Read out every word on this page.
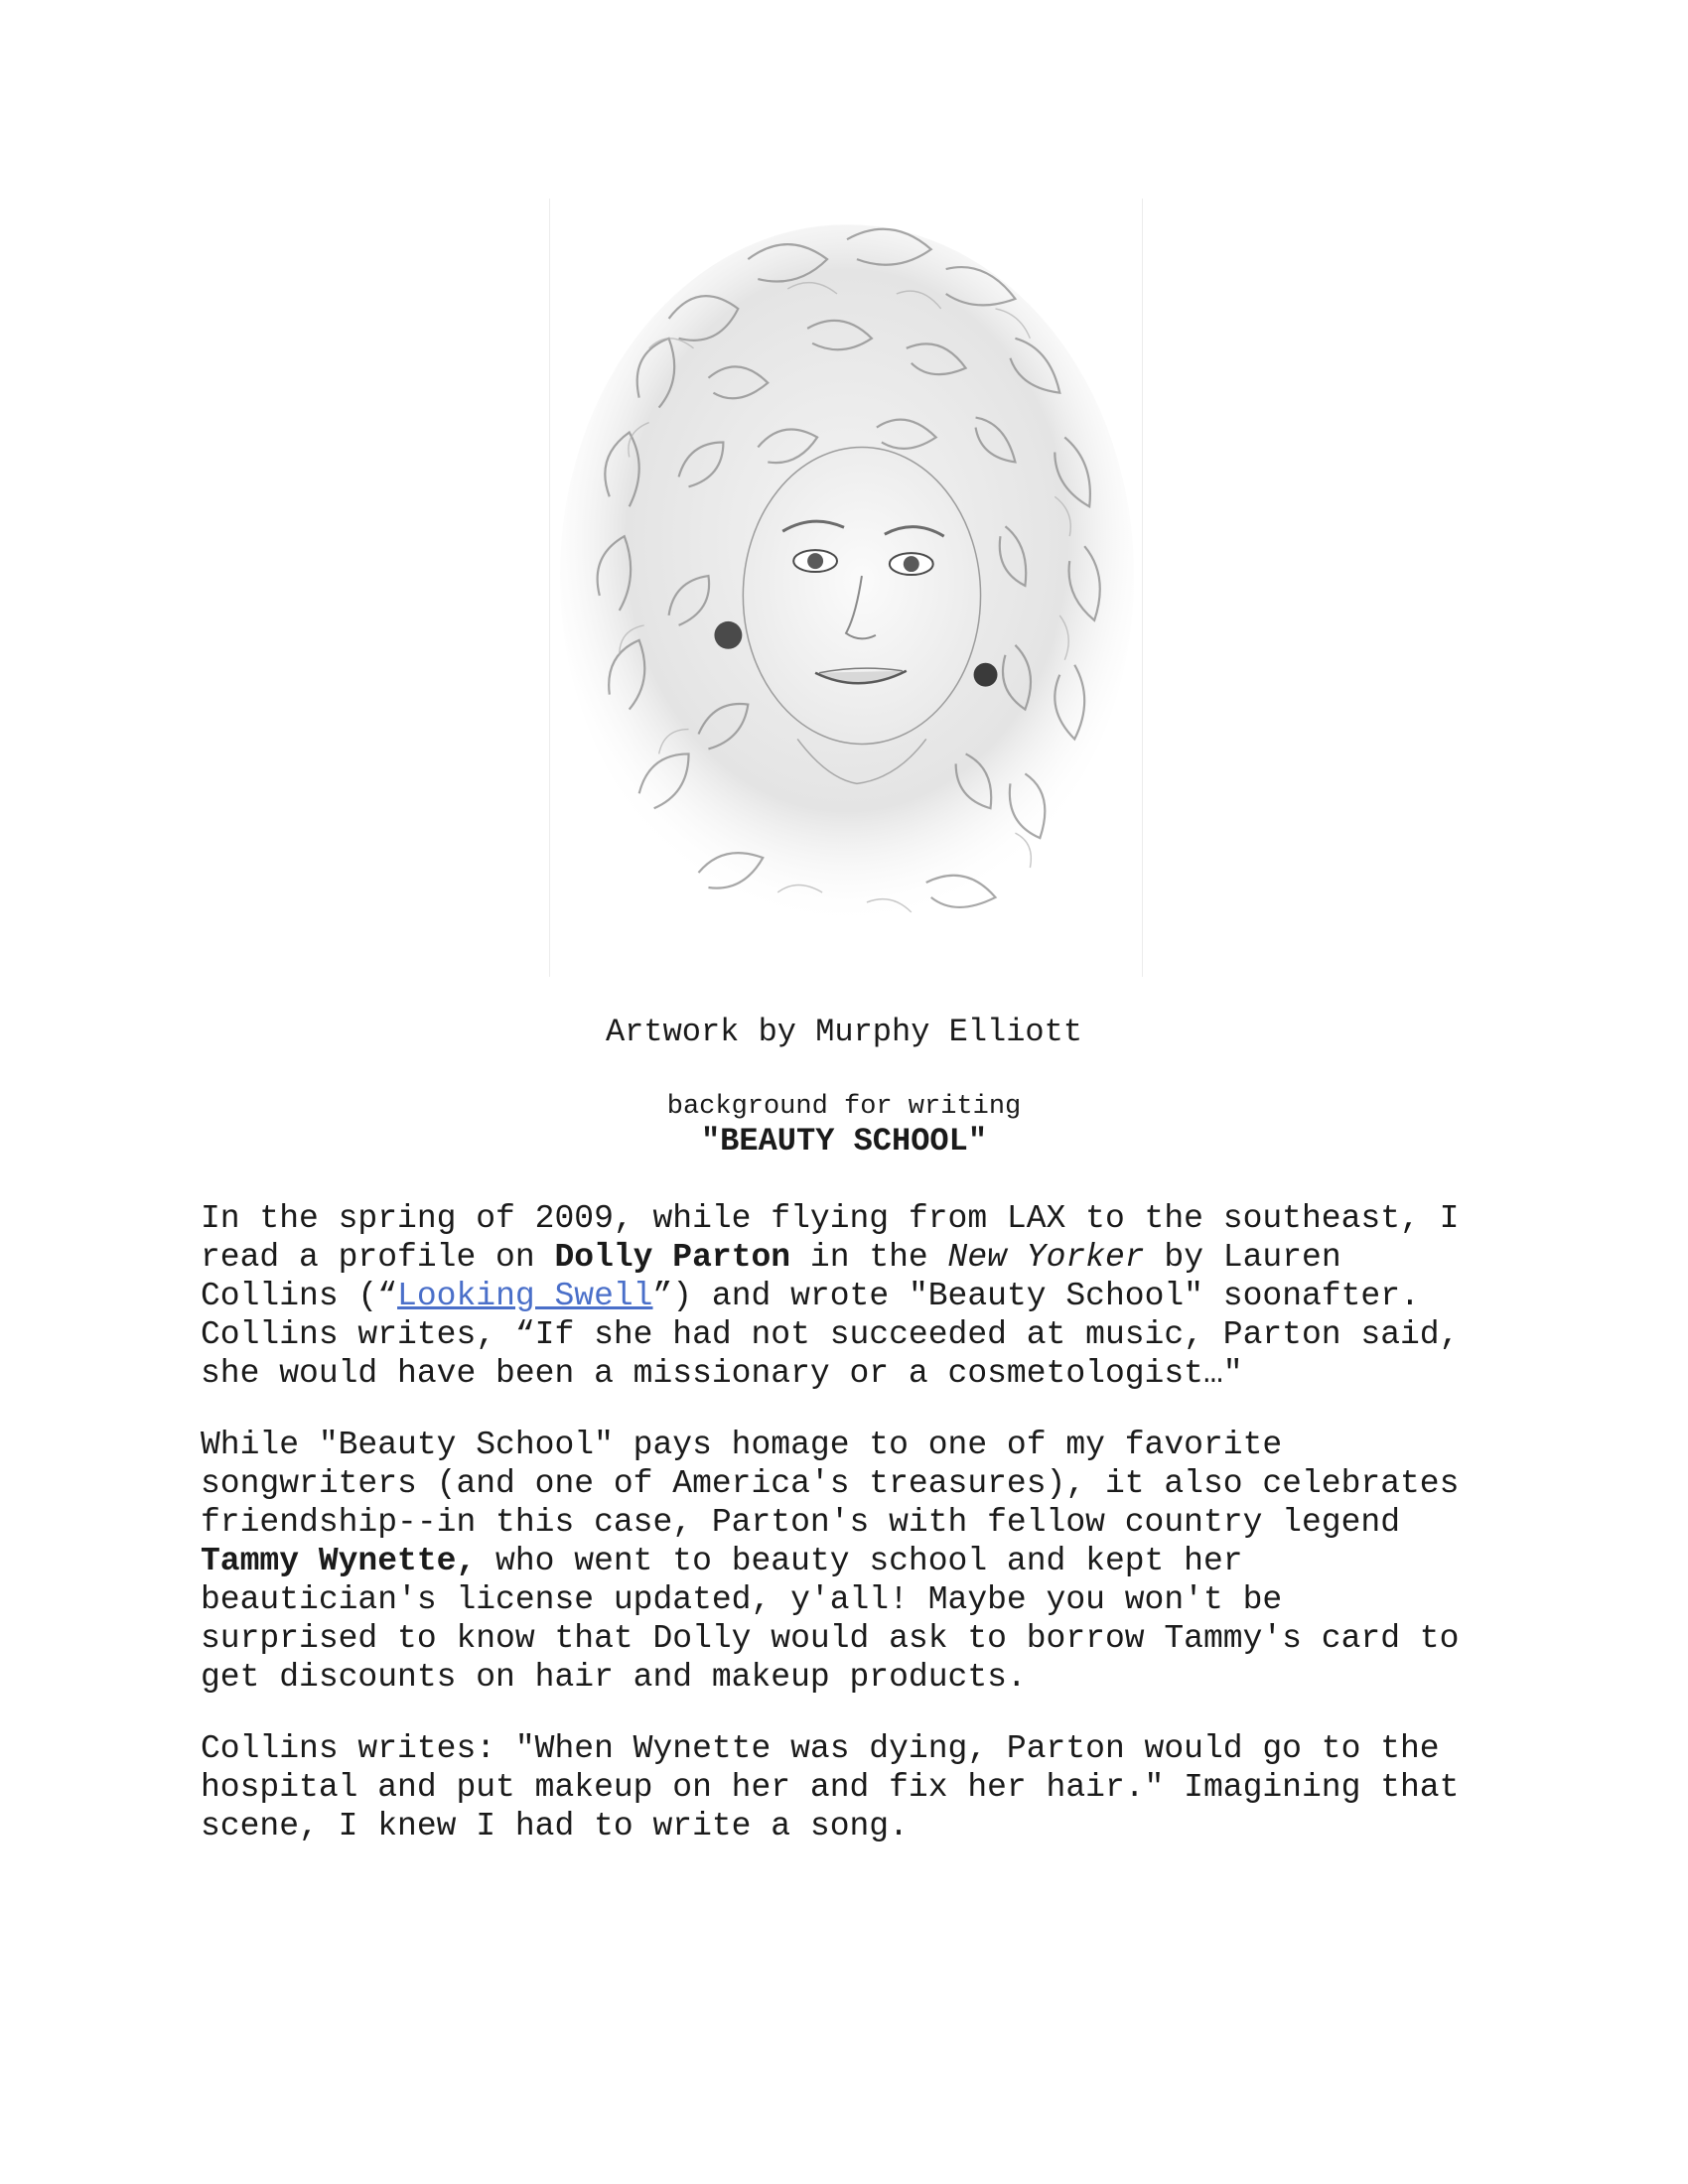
Artwork by Murphy Elliott
background for writing
"BEAUTY SCHOOL"

In the spring of 2009, while flying from LAX to the southeast, I
read a profile on Dolly Parton in the New Yorker by Lauren
Collins (“Looking Swell”) and wrote "Beauty School" soonafter.
Collins writes, “If she had not succeeded at music, Parton said,
she would have been a missionary or a cosmetologist…"

While "Beauty School" pays homage to one of my favorite
songwriters (and one of America's treasures), it also celebrates
friendship--in this case, Parton's with fellow country legend
Tammy Wynette, who went to beauty school and kept her
beautician's license updated, y'all! Maybe you won't be
surprised to know that Dolly would ask to borrow Tammy's card to
get discounts on hair and makeup products.

Collins writes: "When Wynette was dying, Parton would go to the
hospital and put makeup on her and fix her hair." Imagining that
scene, I knew I had to write a song.
